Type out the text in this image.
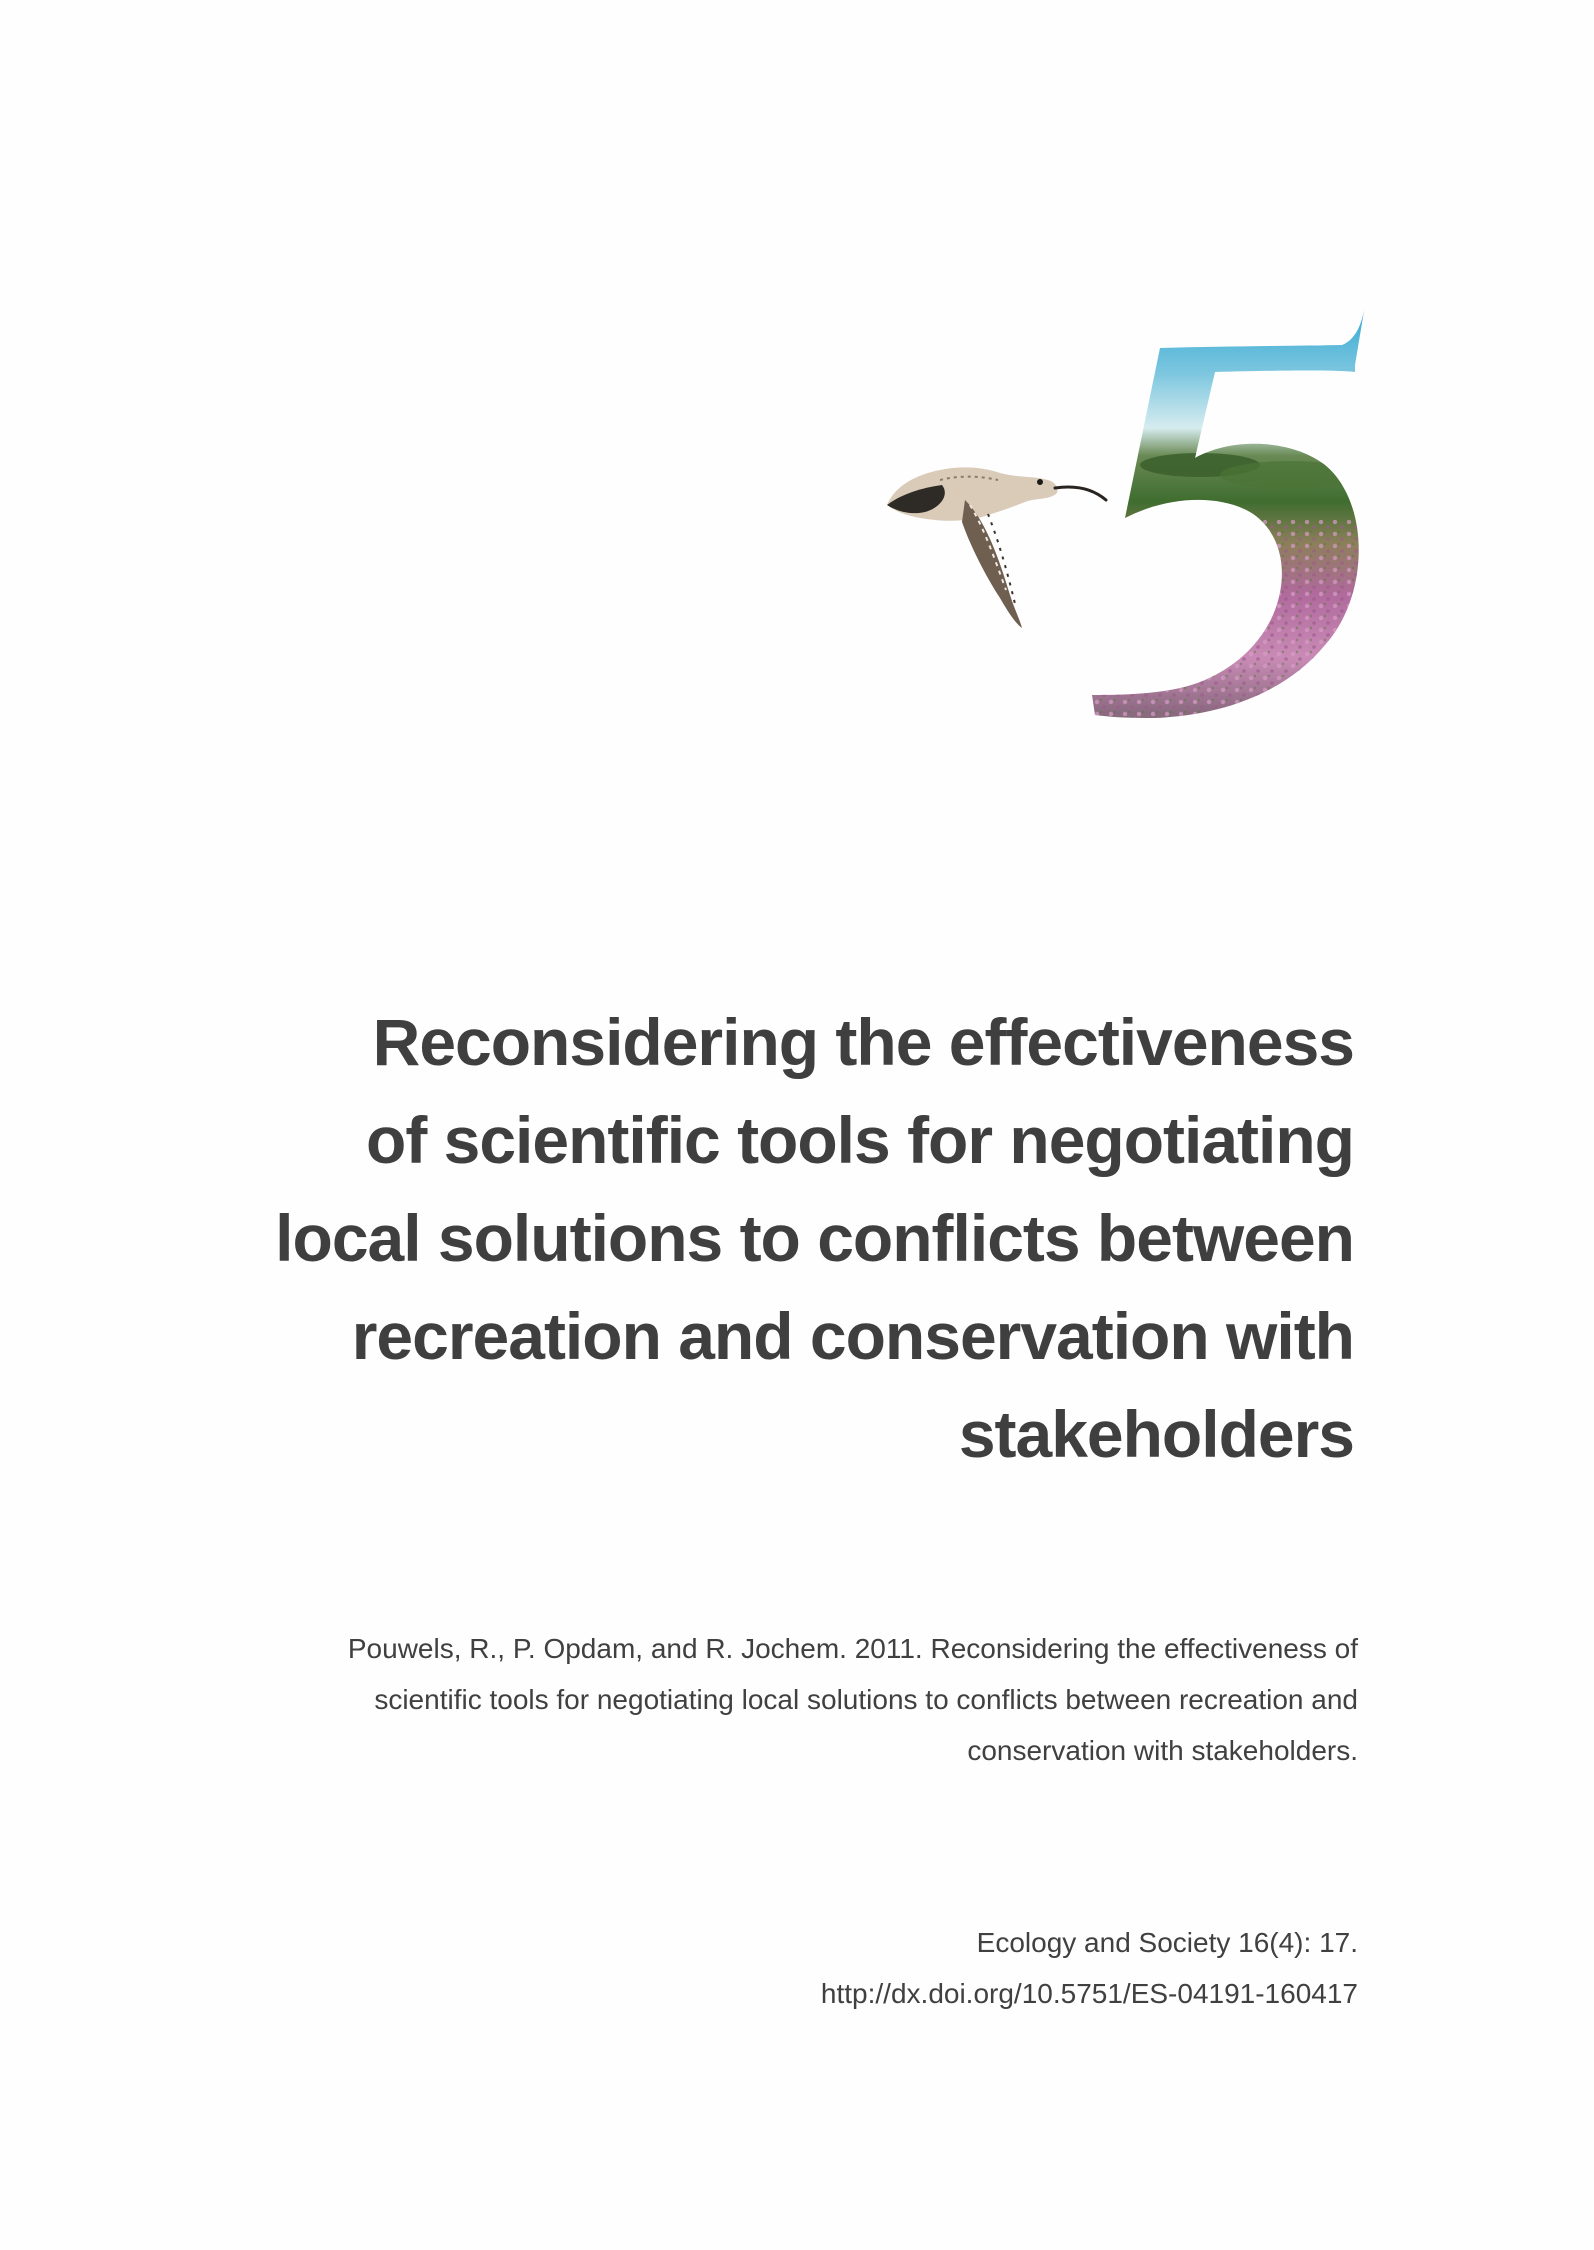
5
Reconsidering the effectiveness
of scientific tools for negotiating
local solutions to conflicts between
recreation and conservation with
stakeholders

Pouwels, R., P. Opdam, and R. Jochem. 2011. Reconsidering the effectiveness of
scientific tools for negotiating local solutions to conflicts between recreation and
conservation with stakeholders.

Ecology and Society 16(4): 17.
http://dx.doi.org/10.5751/ES-04191-160417
